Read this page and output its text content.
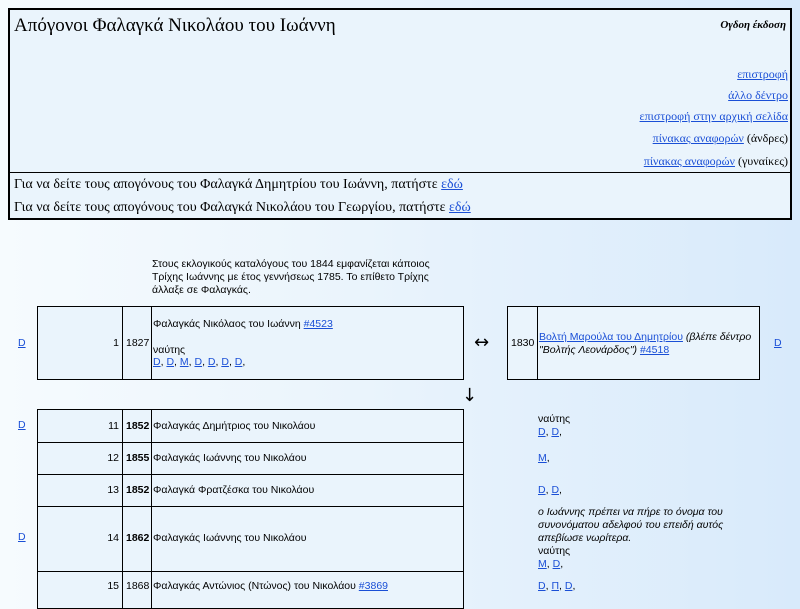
Απόγονοι Φαλαγκά Νικολάου του Ιωάννη	Ογδοη έκδοση
επιστροφή
άλλο δέντρο
επιστροφή στην αρχική σελίδα
πίνακας αναφορών (άνδρες)
πίνακας αναφορών (γυναίκες)
Για να δείτε τους απογόνους του Φαλαγκά Δημητρίου του Ιωάννη, πατήστε εδώ
Για να δείτε τους απογόνους του Φαλαγκά Νικολάου του Γεωργίου, πατήστε εδώ
Στους εκλογικούς καταλόγους του 1844 εμφανίζεται κάποιος Τρίχης Ιωάννης με έτος γεννήσεως 1785. Το επίθετο Τρίχης άλλαξε σε Φαλαγκάς.
D	1 1827
Φαλαγκάς Νικόλαος του Ιωάννη #4523
ναύτης
D, D, M, D, D, D, D,
↔ 1830 Βολτή Μαρούλα του Δημητρίου (βλέπε δέντρο "Βολτής Λεονάρδος") #4518
D
↓
11 1852 Φαλαγκάς Δημήτριος του Νικολάου
12 1855 Φαλαγκάς Ιωάννης του Νικολάου
13 1852 Φαλαγκά Φρατζέσκα του Νικολάου
14 1862 Φαλαγκάς Ιωάννης του Νικολάου
15 1868 Φαλαγκάς Αντώνιος (Ντώνος) του Νικολάου #3869
D
D
ναύτης
D, D,
M,
D, D,
ο Ιωάννης πρέπει να πήρε το όνομα του συνονόματου αδελφού του επειδή αυτός απεβίωσε νωρίτερα.
ναύτης
M, D,
D, Π, D,
